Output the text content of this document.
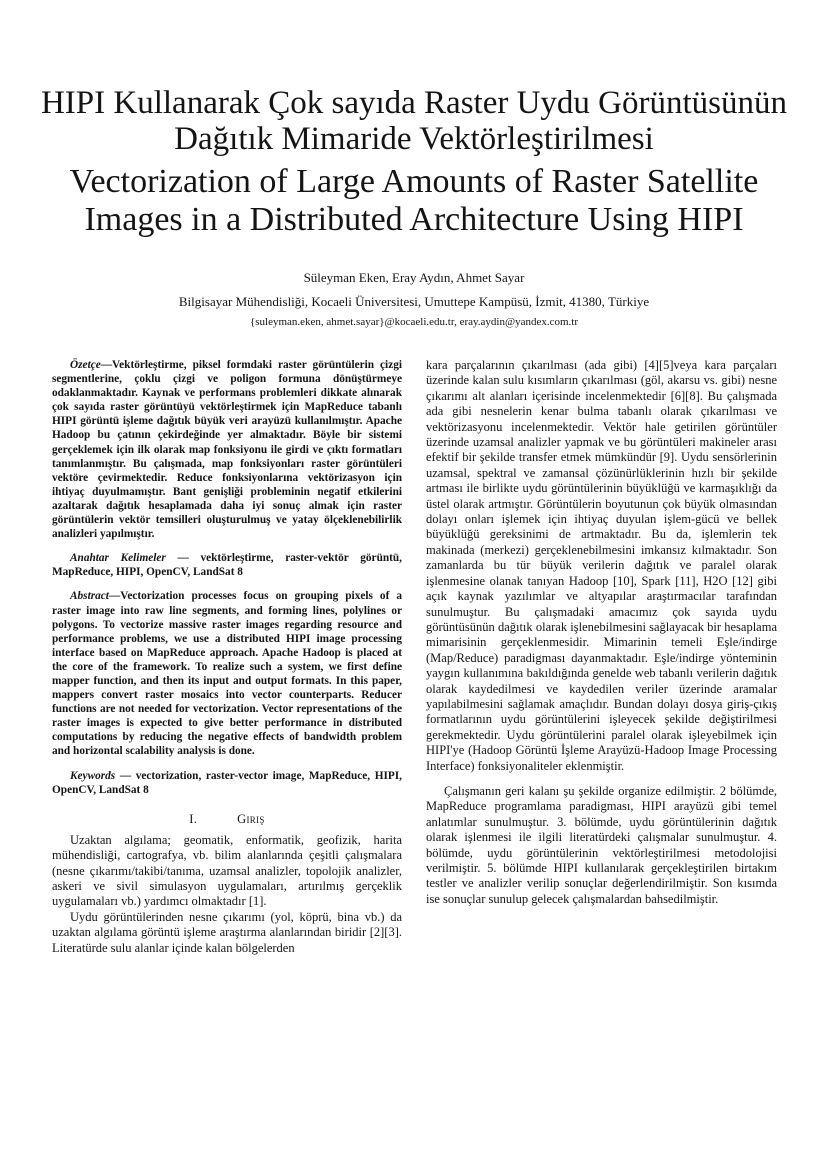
HIPI Kullanarak Çok sayıda Raster Uydu Görüntüsünün Dağıtık Mimaride Vektörleştirilmesi
Vectorization of Large Amounts of Raster Satellite Images in a Distributed Architecture Using HIPI

Süleyman Eken, Eray Aydın, Ahmet Sayar

Bilgisayar Mühendisliği, Kocaeli Üniversitesi, Umuttepe Kampüsü, İzmit, 41380, Türkiye

{suleyman.eken, ahmet.sayar}@kocaeli.edu.tr, eray.aydin@yandex.com.tr

Özetçe—Vektörleştirme, piksel formdaki raster görüntülerin çizgi segmentlerine, çoklu çizgi ve poligon formuna dönüştürmeye odaklanmaktadır. Kaynak ve performans problemleri dikkate alınarak çok sayıda raster görüntüyü vektörleştirmek için MapReduce tabanlı HIPI görüntü işleme dağıtık büyük veri arayüzü kullanılmıştır. Apache Hadoop bu çatının çekirdeğinde yer almaktadır. Böyle bir sistemi gerçeklemek için ilk olarak map fonksiyonu ile girdi ve çıktı formatları tanımlanmıştır. Bu çalışmada, map fonksiyonları raster görüntüleri vektöre çevirmektedir. Reduce fonksiyonlarına vektörizasyon için ihtiyaç duyulmamıştır. Bant genişliği probleminin negatif etkilerini azaltarak dağıtık hesaplamada daha iyi sonuç almak için raster görüntülerin vektör temsilleri oluşturulmuş ve yatay ölçeklenebilirlik analizleri yapılmıştır.

Anahtar Kelimeler — vektörleştirme, raster-vektör görüntü, MapReduce, HIPI, OpenCV, LandSat 8

Abstract—Vectorization processes focus on grouping pixels of a raster image into raw line segments, and forming lines, polylines or polygons. To vectorize massive raster images regarding resource and performance problems, we use a distributed HIPI image processing interface based on MapReduce approach. Apache Hadoop is placed at the core of the framework. To realize such a system, we first define mapper function, and then its input and output formats. In this paper, mappers convert raster mosaics into vector counterparts. Reducer functions are not needed for vectorization. Vector representations of the raster images is expected to give better performance in distributed computations by reducing the negative effects of bandwidth problem and horizontal scalability analysis is done.

Keywords — vectorization, raster-vector image, MapReduce, HIPI, OpenCV, LandSat 8

I.	Giriş

Uzaktan algılama; geomatik, enformatik, geofizik, harita mühendisliği, cartografya, vb. bilim alanlarında çeşitli çalışmalara (nesne çıkarımı/takibi/tanıma, uzamsal analizler, topolojik analizler, askeri ve sivil simulasyon uygulamaları, artırılmış gerçeklik uygulamaları vb.) yardımcı olmaktadır [1].

Uydu görüntülerinden nesne çıkarımı (yol, köprü, bina vb.) da uzaktan algılama görüntü işleme araştırma alanlarından biridir [2][3]. Literatürde sulu alanlar içinde kalan bölgelerden

kara parçalarının çıkarılması (ada gibi) [4][5]veya kara parçaları üzerinde kalan sulu kısımların çıkarılması (göl, akarsu vs. gibi) nesne çıkarımı alt alanları içerisinde incelenmektedir [6][8]. Bu çalışmada ada gibi nesnelerin kenar bulma tabanlı olarak çıkarılması ve vektörizasyonu incelenmektedir. Vektör hale getirilen görüntüler üzerinde uzamsal analizler yapmak ve bu görüntüleri makineler arası efektif bir şekilde transfer etmek mümkündür [9]. Uydu sensörlerinin uzamsal, spektral ve zamansal çözünürlüklerinin hızlı bir şekilde artması ile birlikte uydu görüntülerinin büyüklüğü ve karmaşıklığı da üstel olarak artmıştır. Görüntülerin boyutunun çok büyük olmasından dolayı onları işlemek için ihtiyaç duyulan işlem-gücü ve bellek büyüklüğü gereksinimi de artmaktadır. Bu da, işlemlerin tek makinada (merkezi) gerçeklenebilmesini imkansız kılmaktadır. Son zamanlarda bu tür büyük verilerin dağıtık ve paralel olarak işlenmesine olanak tanıyan Hadoop [10], Spark [11], H2O [12] gibi açık kaynak yazılımlar ve altyapılar araştırmacılar tarafından sunulmuştur. Bu çalışmadaki amacımız çok sayıda uydu görüntüsünün dağıtık olarak işlenebilmesini sağlayacak bir hesaplama mimarisinin gerçeklenmesidir. Mimarinin temeli Eşle/indirge (Map/Reduce) paradigması dayanmaktadır. Eşle/indirge yönteminin yaygın kullanımına bakıldığında genelde web tabanlı verilerin dağıtık olarak kaydedilmesi ve kaydedilen veriler üzerinde aramalar yapılabilmesini sağlamak amaçlıdır. Bundan dolayı dosya giriş-çıkış formatlarının uydu görüntülerini işleyecek şekilde değiştirilmesi gerekmektedir. Uydu görüntülerini paralel olarak işleyebilmek için HIPI'ye (Hadoop Görüntü İşleme Arayüzü-Hadoop Image Processing Interface) fonksiyonaliteler eklenmiştir.

Çalışmanın geri kalanı şu şekilde organize edilmiştir. 2 bölümde, MapReduce programlama paradigması, HIPI arayüzü gibi temel anlatımlar sunulmuştur. 3. bölümde, uydu görüntülerinin dağıtık olarak işlenmesi ile ilgili literatürdeki çalışmalar sunulmuştur. 4. bölümde, uydu görüntülerinin vektörleştirilmesi metodolojisi verilmiştir. 5. bölümde HIPI kullanılarak gerçekleştirilen birtakım testler ve analizler verilip sonuçlar değerlendirilmiştir. Son kısımda ise sonuçlar sunulup gelecek çalışmalardan bahsedilmiştir.
